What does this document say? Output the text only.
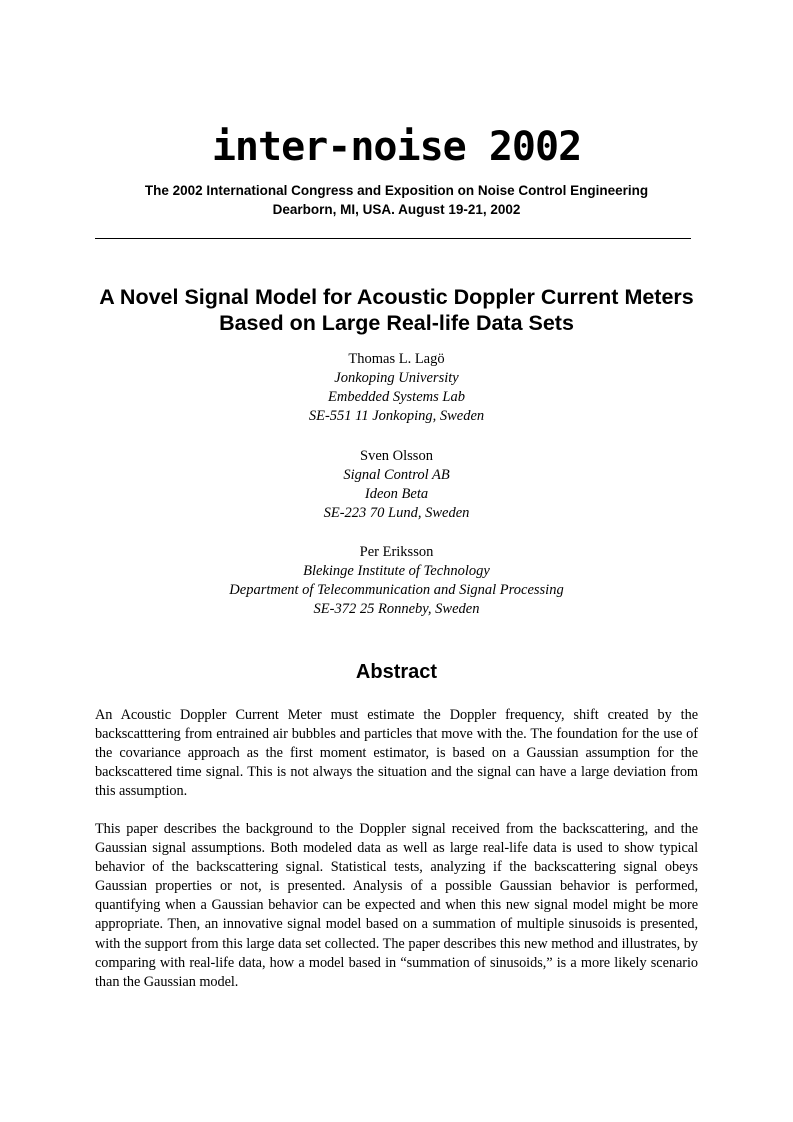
inter-noise 2002
The 2002 International Congress and Exposition on Noise Control Engineering
Dearborn, MI, USA. August 19-21, 2002
A Novel Signal Model for Acoustic Doppler Current Meters
Based on Large Real-life Data Sets
Thomas L. Lagö
Jonkoping University
Embedded Systems Lab
SE-551 11 Jonkoping, Sweden
Sven Olsson
Signal Control AB
Ideon Beta
SE-223 70 Lund, Sweden
Per Eriksson
Blekinge Institute of Technology
Department of Telecommunication and Signal Processing
SE-372 25 Ronneby, Sweden
Abstract
An Acoustic Doppler Current Meter must estimate the Doppler frequency, shift created by the backscatttering from entrained air bubbles and particles that move with the. The foundation for the use of the covariance approach as the first moment estimator, is based on a Gaussian assumption for the backscattered time signal. This is not always the situation and the signal can have a large deviation from this assumption.
This paper describes the background to the Doppler signal received from the backscattering, and the Gaussian signal assumptions. Both modeled data as well as large real-life data is used to show typical behavior of the backscattering signal. Statistical tests, analyzing if the backscattering signal obeys Gaussian properties or not, is presented. Analysis of a possible Gaussian behavior is performed, quantifying when a Gaussian behavior can be expected and when this new signal model might be more appropriate. Then, an innovative signal model based on a summation of multiple sinusoids is presented, with the support from this large data set collected. The paper describes this new method and illustrates, by comparing with real-life data, how a model based in “summation of sinusoids,” is a more likely scenario than the Gaussian model.
